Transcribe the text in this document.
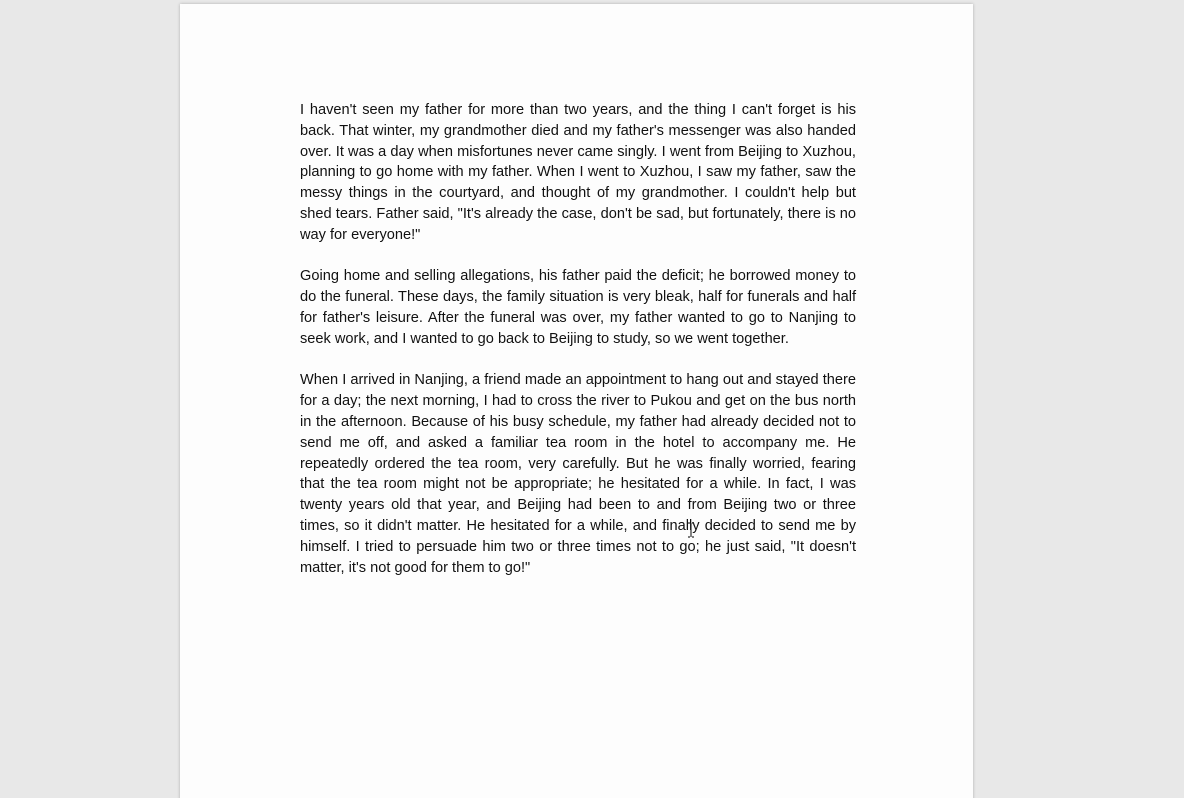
I haven't seen my father for more than two years, and the thing I can't forget is his back. That winter, my grandmother died and my father's messenger was also handed over. It was a day when misfortunes never came singly. I went from Beijing to Xuzhou, planning to go home with my father. When I went to Xuzhou, I saw my father, saw the messy things in the courtyard, and thought of my grandmother. I couldn't help but shed tears. Father said, "It's already the case, don't be sad, but fortunately, there is no way for everyone!"

Going home and selling allegations, his father paid the deficit; he borrowed money to do the funeral. These days, the family situation is very bleak, half for funerals and half for father's leisure. After the funeral was over, my father wanted to go to Nanjing to seek work, and I wanted to go back to Beijing to study, so we went together.

When I arrived in Nanjing, a friend made an appointment to hang out and stayed there for a day; the next morning, I had to cross the river to Pukou and get on the bus north in the afternoon. Because of his busy schedule, my father had already decided not to send me off, and asked a familiar tea room in the hotel to accompany me. He repeatedly ordered the tea room, very carefully. But he was finally worried, fearing that the tea room might not be appropriate; he hesitated for a while. In fact, I was twenty years old that year, and Beijing had been to and from Beijing two or three times, so it didn't matter. He hesitated for a while, and finally decided to send me by himself. I tried to persuade him two or three times not to go; he just said, "It doesn't matter, it's not good for them to go!"
